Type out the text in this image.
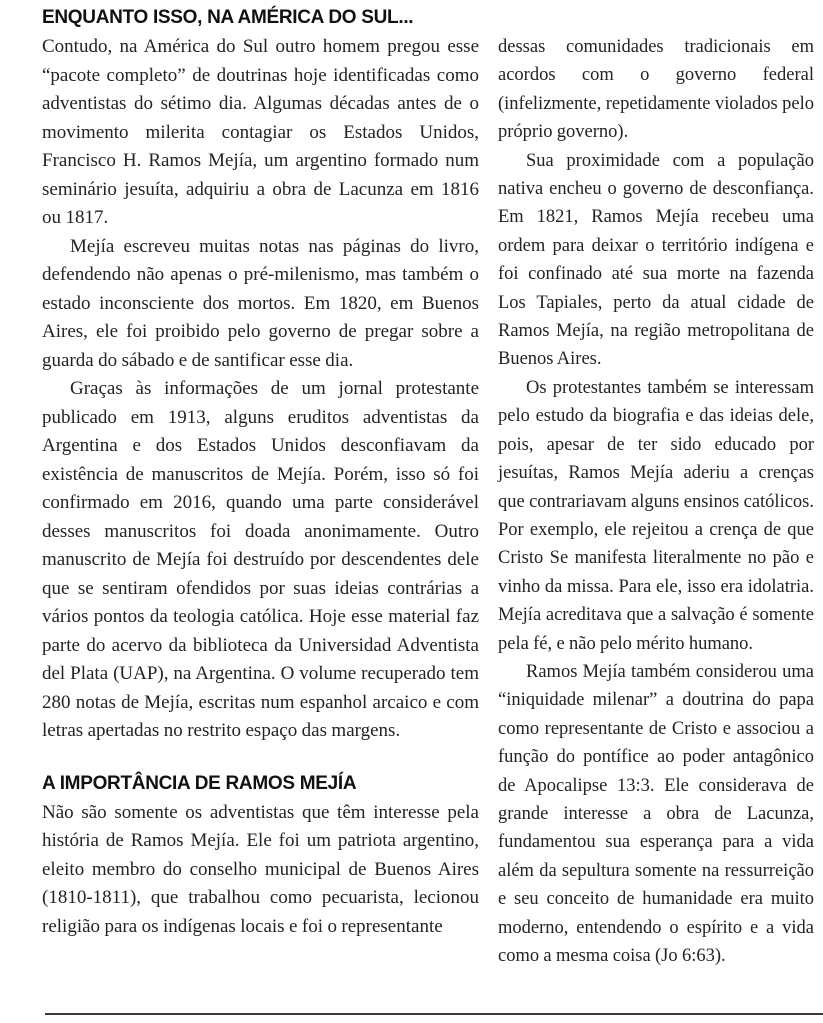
ENQUANTO ISSO, NA AMÉRICA DO SUL...

Contudo, na América do Sul outro homem pregou esse “pacote completo” de doutrinas hoje identificadas como adventistas do sétimo dia. Algumas décadas antes de o movimento milerita contagiar os Estados Unidos, Francisco H. Ramos Mejía, um argentino formado num seminário jesuíta, adquiriu a obra de Lacunza em 1816 ou 1817.

Mejía escreveu muitas notas nas páginas do livro, defendendo não apenas o pré-milenismo, mas também o estado inconsciente dos mortos. Em 1820, em Buenos Aires, ele foi proibido pelo governo de pregar sobre a guarda do sábado e de santificar esse dia.

Graças às informações de um jornal protestante publicado em 1913, alguns eruditos adventistas da Argentina e dos Estados Unidos desconfiavam da existência de manuscritos de Mejía. Porém, isso só foi confirmado em 2016, quando uma parte considerável desses manuscritos foi doada anonimamente. Outro manuscrito de Mejía foi destruído por descendentes dele que se sentiram ofendidos por suas ideias contrárias a vários pontos da teologia católica. Hoje esse material faz parte do acervo da biblioteca da Universidad Adventista del Plata (UAP), na Argentina. O volume recuperado tem 280 notas de Mejía, escritas num espanhol arcaico e com letras apertadas no restrito espaço das margens.

A IMPORTÂNCIA DE RAMOS MEJÍA

Não são somente os adventistas que têm interesse pela história de Ramos Mejía. Ele foi um patriota argentino, eleito membro do conselho municipal de Buenos Aires (1810-1811), que trabalhou como pecuarista, lecionou religião para os indígenas locais e foi o representante

dessas comunidades tradicionais em acordos com o governo federal (infelizmente, repetidamente violados pelo próprio governo).

Sua proximidade com a população nativa encheu o governo de desconfiança. Em 1821, Ramos Mejía recebeu uma ordem para deixar o território indígena e foi confinado até sua morte na fazenda Los Tapiales, perto da atual cidade de Ramos Mejía, na região metropolitana de Buenos Aires.

Os protestantes também se interessam pelo estudo da biografia e das ideias dele, pois, apesar de ter sido educado por jesuítas, Ramos Mejía aderiu a crenças que contrariavam alguns ensinos católicos. Por exemplo, ele rejeitou a crença de que Cristo Se manifesta literalmente no pão e vinho da missa. Para ele, isso era idolatria. Mejía acreditava que a salvação é somente pela fé, e não pelo mérito humano.

Ramos Mejía também considerou uma “iniquidade milenar” a doutrina do papa como representante de Cristo e associou a função do pontífice ao poder antagônico de Apocalipse 13:3. Ele considerava de grande interesse a obra de Lacunza, fundamentou sua esperança para a vida além da sepultura somente na ressurreição e seu conceito de humanidade era muito moderno, entendendo o espírito e a vida como a mesma coisa (Jo 6:63).
